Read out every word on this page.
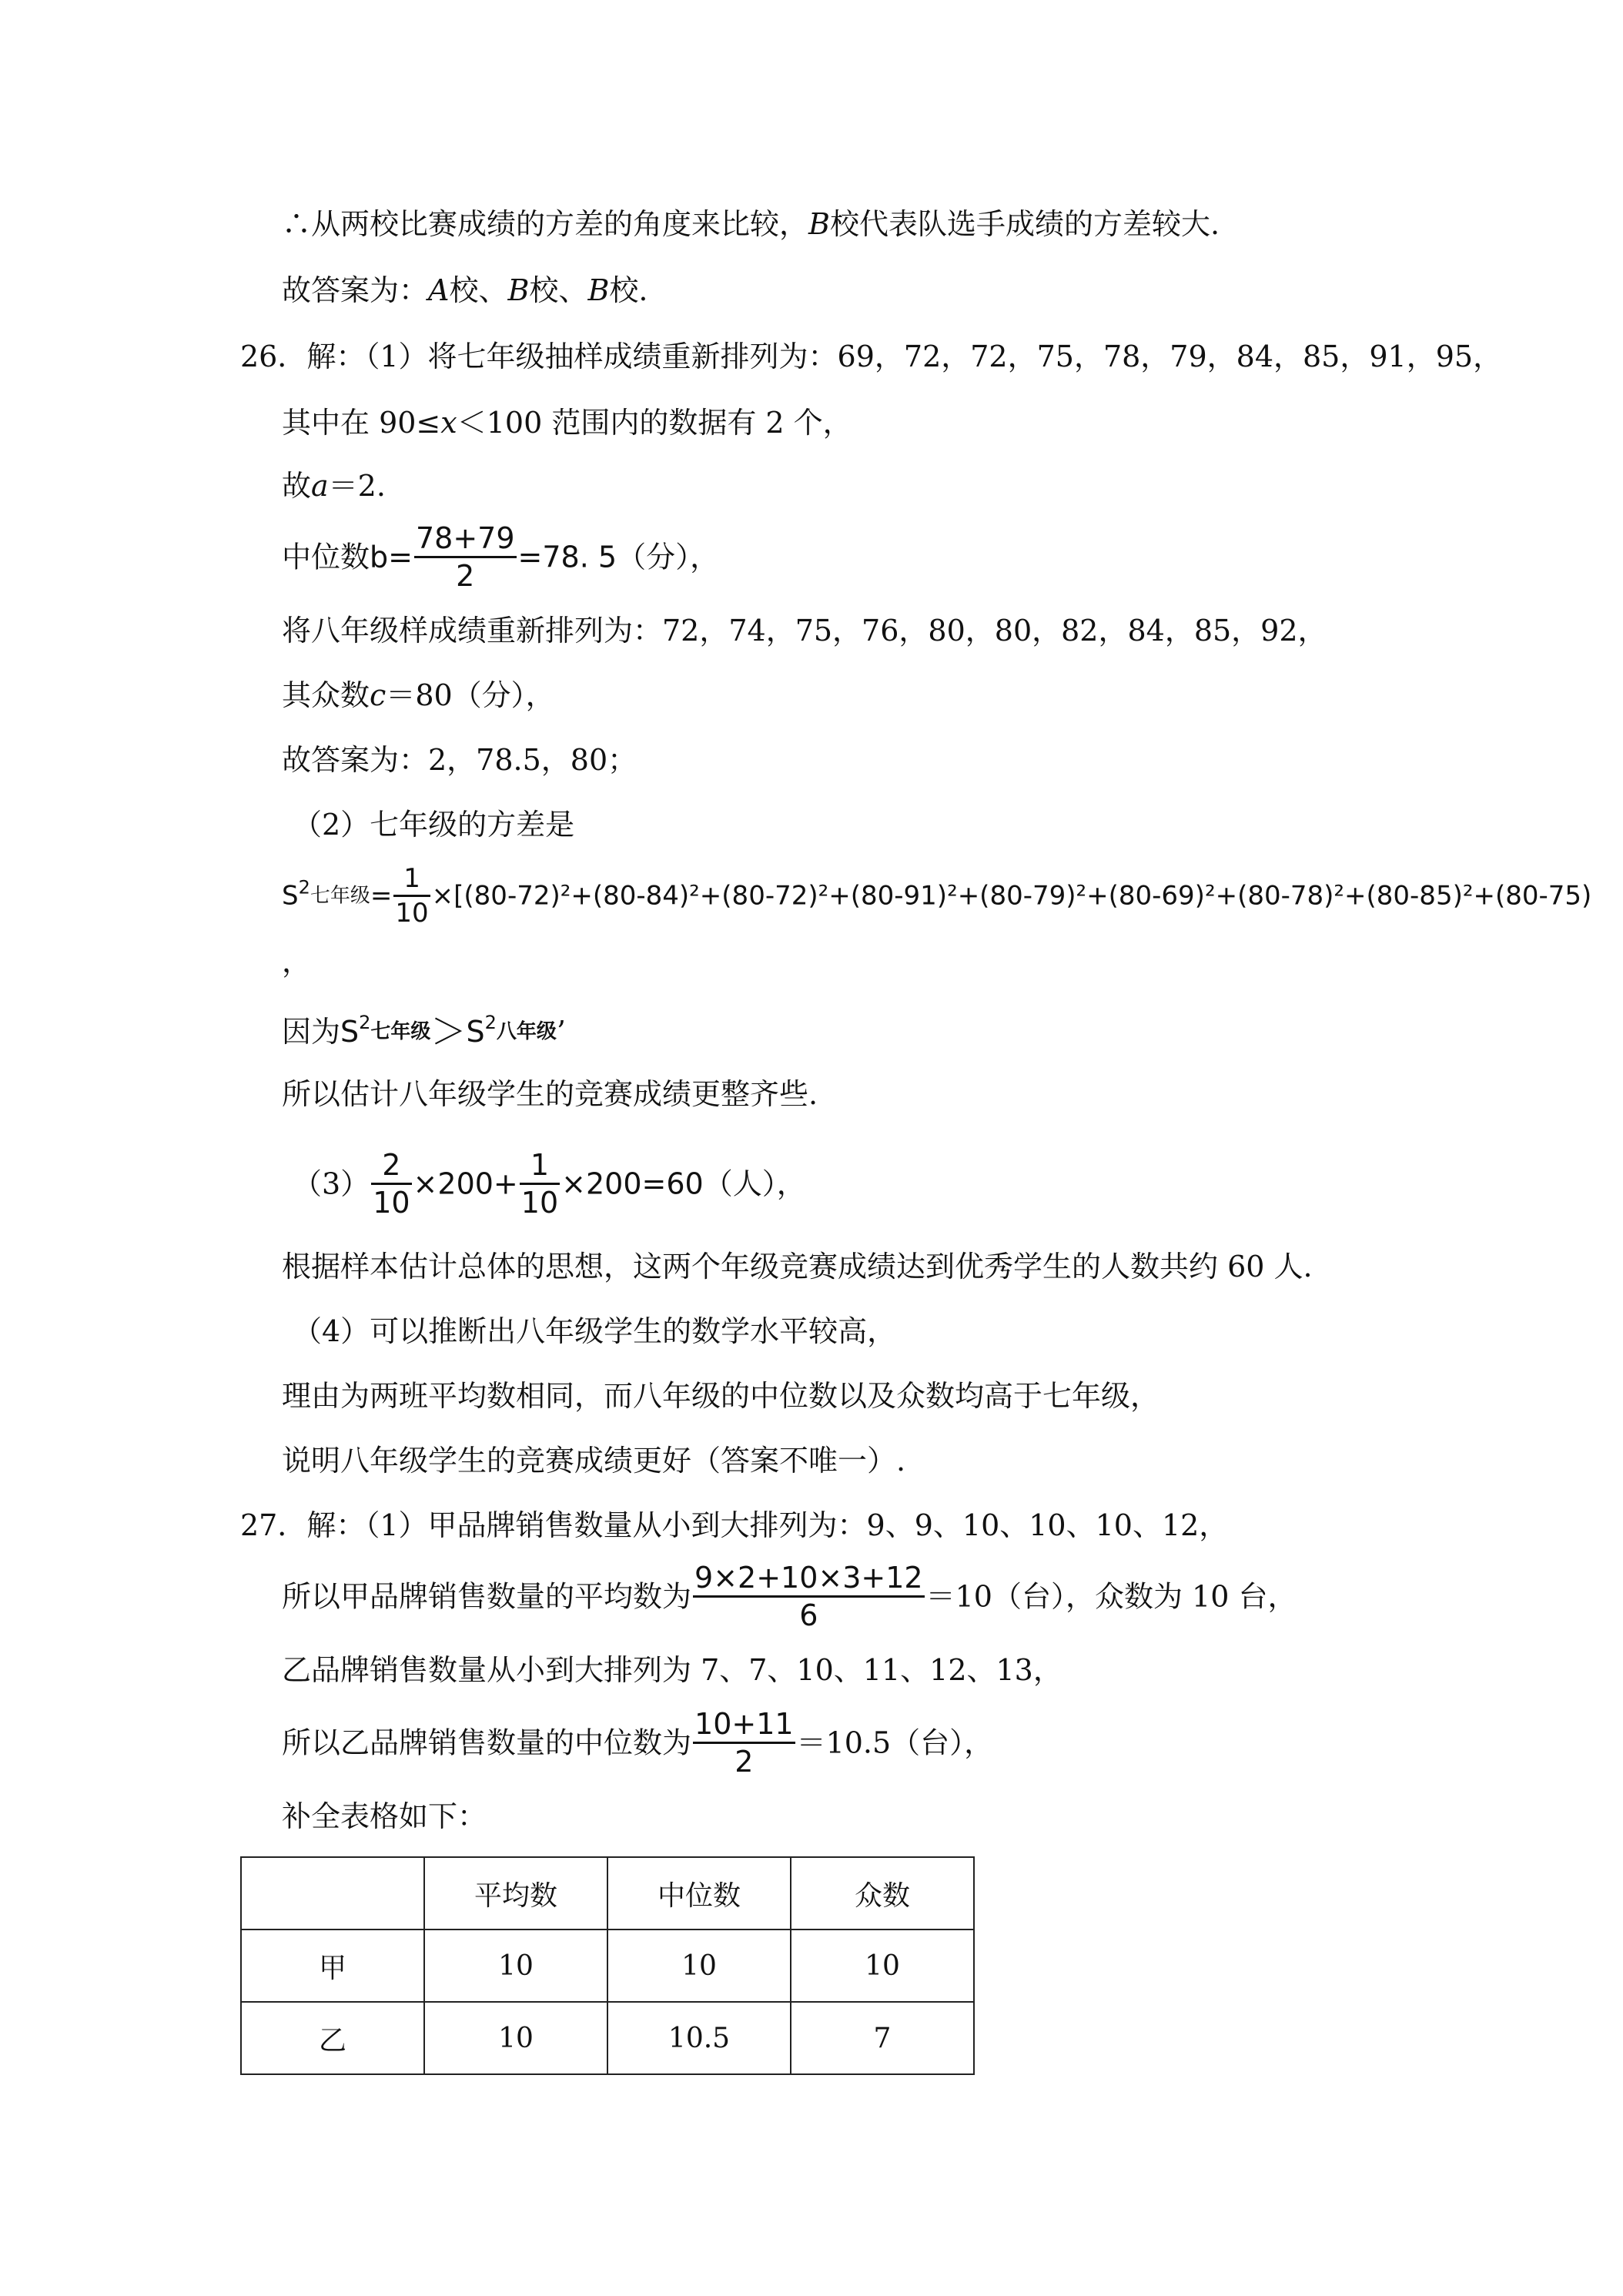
∴从两校比赛成绩的方差的角度来比较，B校代表队选手成绩的方差较大.
故答案为：A校、B校、B校.
26．解：（1）将七年级抽样成绩重新排列为：69，72，72，75，78，79，84，85，91，95，
其中在 90≤x＜100 范围内的数据有 2 个，
故a＝2.
中位数$b= \frac{78+79}{2} =78$. 5（分），
将八年级样成绩重新排列为：72，74，75，76，80，80，82，84，85，92，
其众数c＝80（分），
故答案为：2，78.5，80；
（2）七年级的方差是
$S^2$七年级= $\frac{1}{10} \times[(80-72)^2+(80-84)^2+(80-72)^2+(80-91)^2+(80-79)^2+(80-69)^2+(80-78)^2+(80-85)^2+(80-75)$
，
因为$S^2$七年级$>S^2$八年级’
所以估计八年级学生的竞赛成绩更整齐些.
$(3) \frac{2}{10} \times 200+ \frac{1}{10} \times 200=60$（人），
根据样本估计总体的思想，这两个年级竞赛成绩达到优秀学生的人数共约 60 人.
（4）可以推断出八年级学生的数学水平较高，
理由为两班平均数相同，而八年级的中位数以及众数均高于七年级，
说明八年级学生的竞赛成绩更好（答案不唯一）.
27．解：（1）甲品牌销售数量从小到大排列为：9、9、10、10、10、12，
所以甲品牌销售数量的平均数为 $\frac{9\times 2+10\times 3+12}{6} =10$（台），众数为 10 台，
乙品牌销售数量从小到大排列为 7、7、10、11、12、13，
所以乙品牌销售数量的中位数为 $\frac{10+11}{2} =10.5$（台），
补全表格如下：
	平均数	中位数	众数
甲	10	10	10
乙	10	10.5	7
